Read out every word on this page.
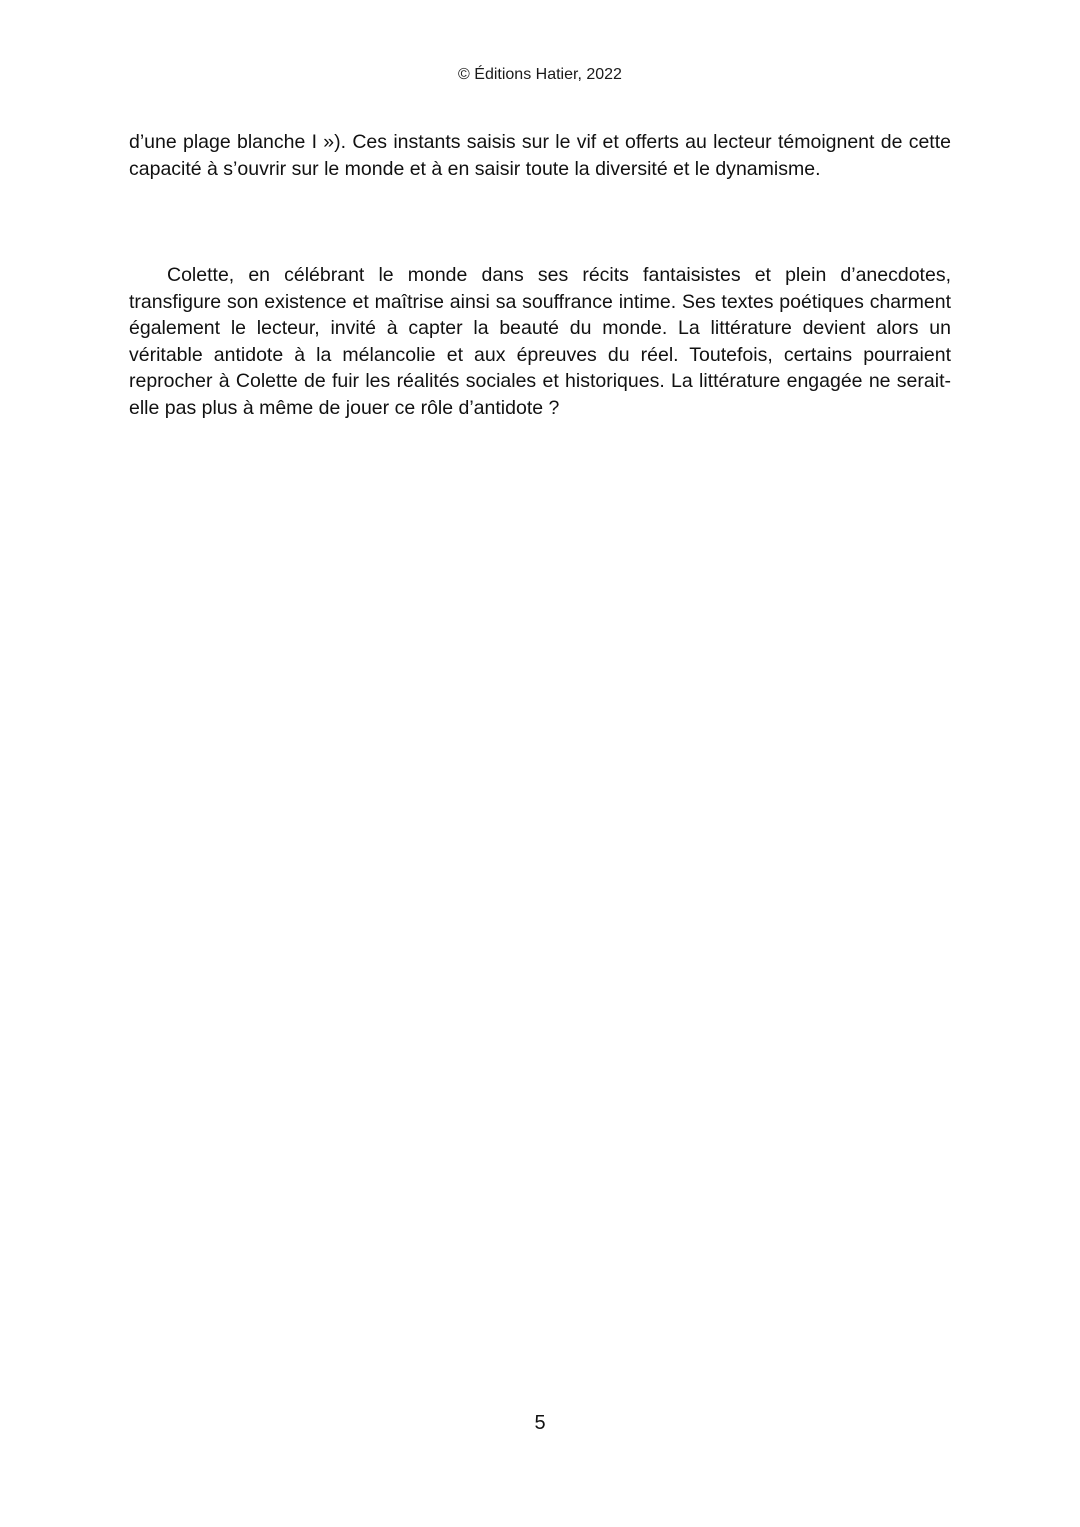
© Éditions Hatier, 2022

d’une plage blanche I »). Ces instants saisis sur le vif et offerts au lecteur témoignent de cette capacité à s’ouvrir sur le monde et à en saisir toute la diversité et le dynamisme.

Colette, en célébrant le monde dans ses récits fantaisistes et plein d’anecdotes, transfigure son existence et maîtrise ainsi sa souffrance intime. Ses textes poétiques charment également le lecteur, invité à capter la beauté du monde. La littérature devient alors un véritable antidote à la mélancolie et aux épreuves du réel. Toutefois, certains pourraient reprocher à Colette de fuir les réalités sociales et historiques. La littérature engagée ne serait-elle pas plus à même de jouer ce rôle d’antidote ?

5
